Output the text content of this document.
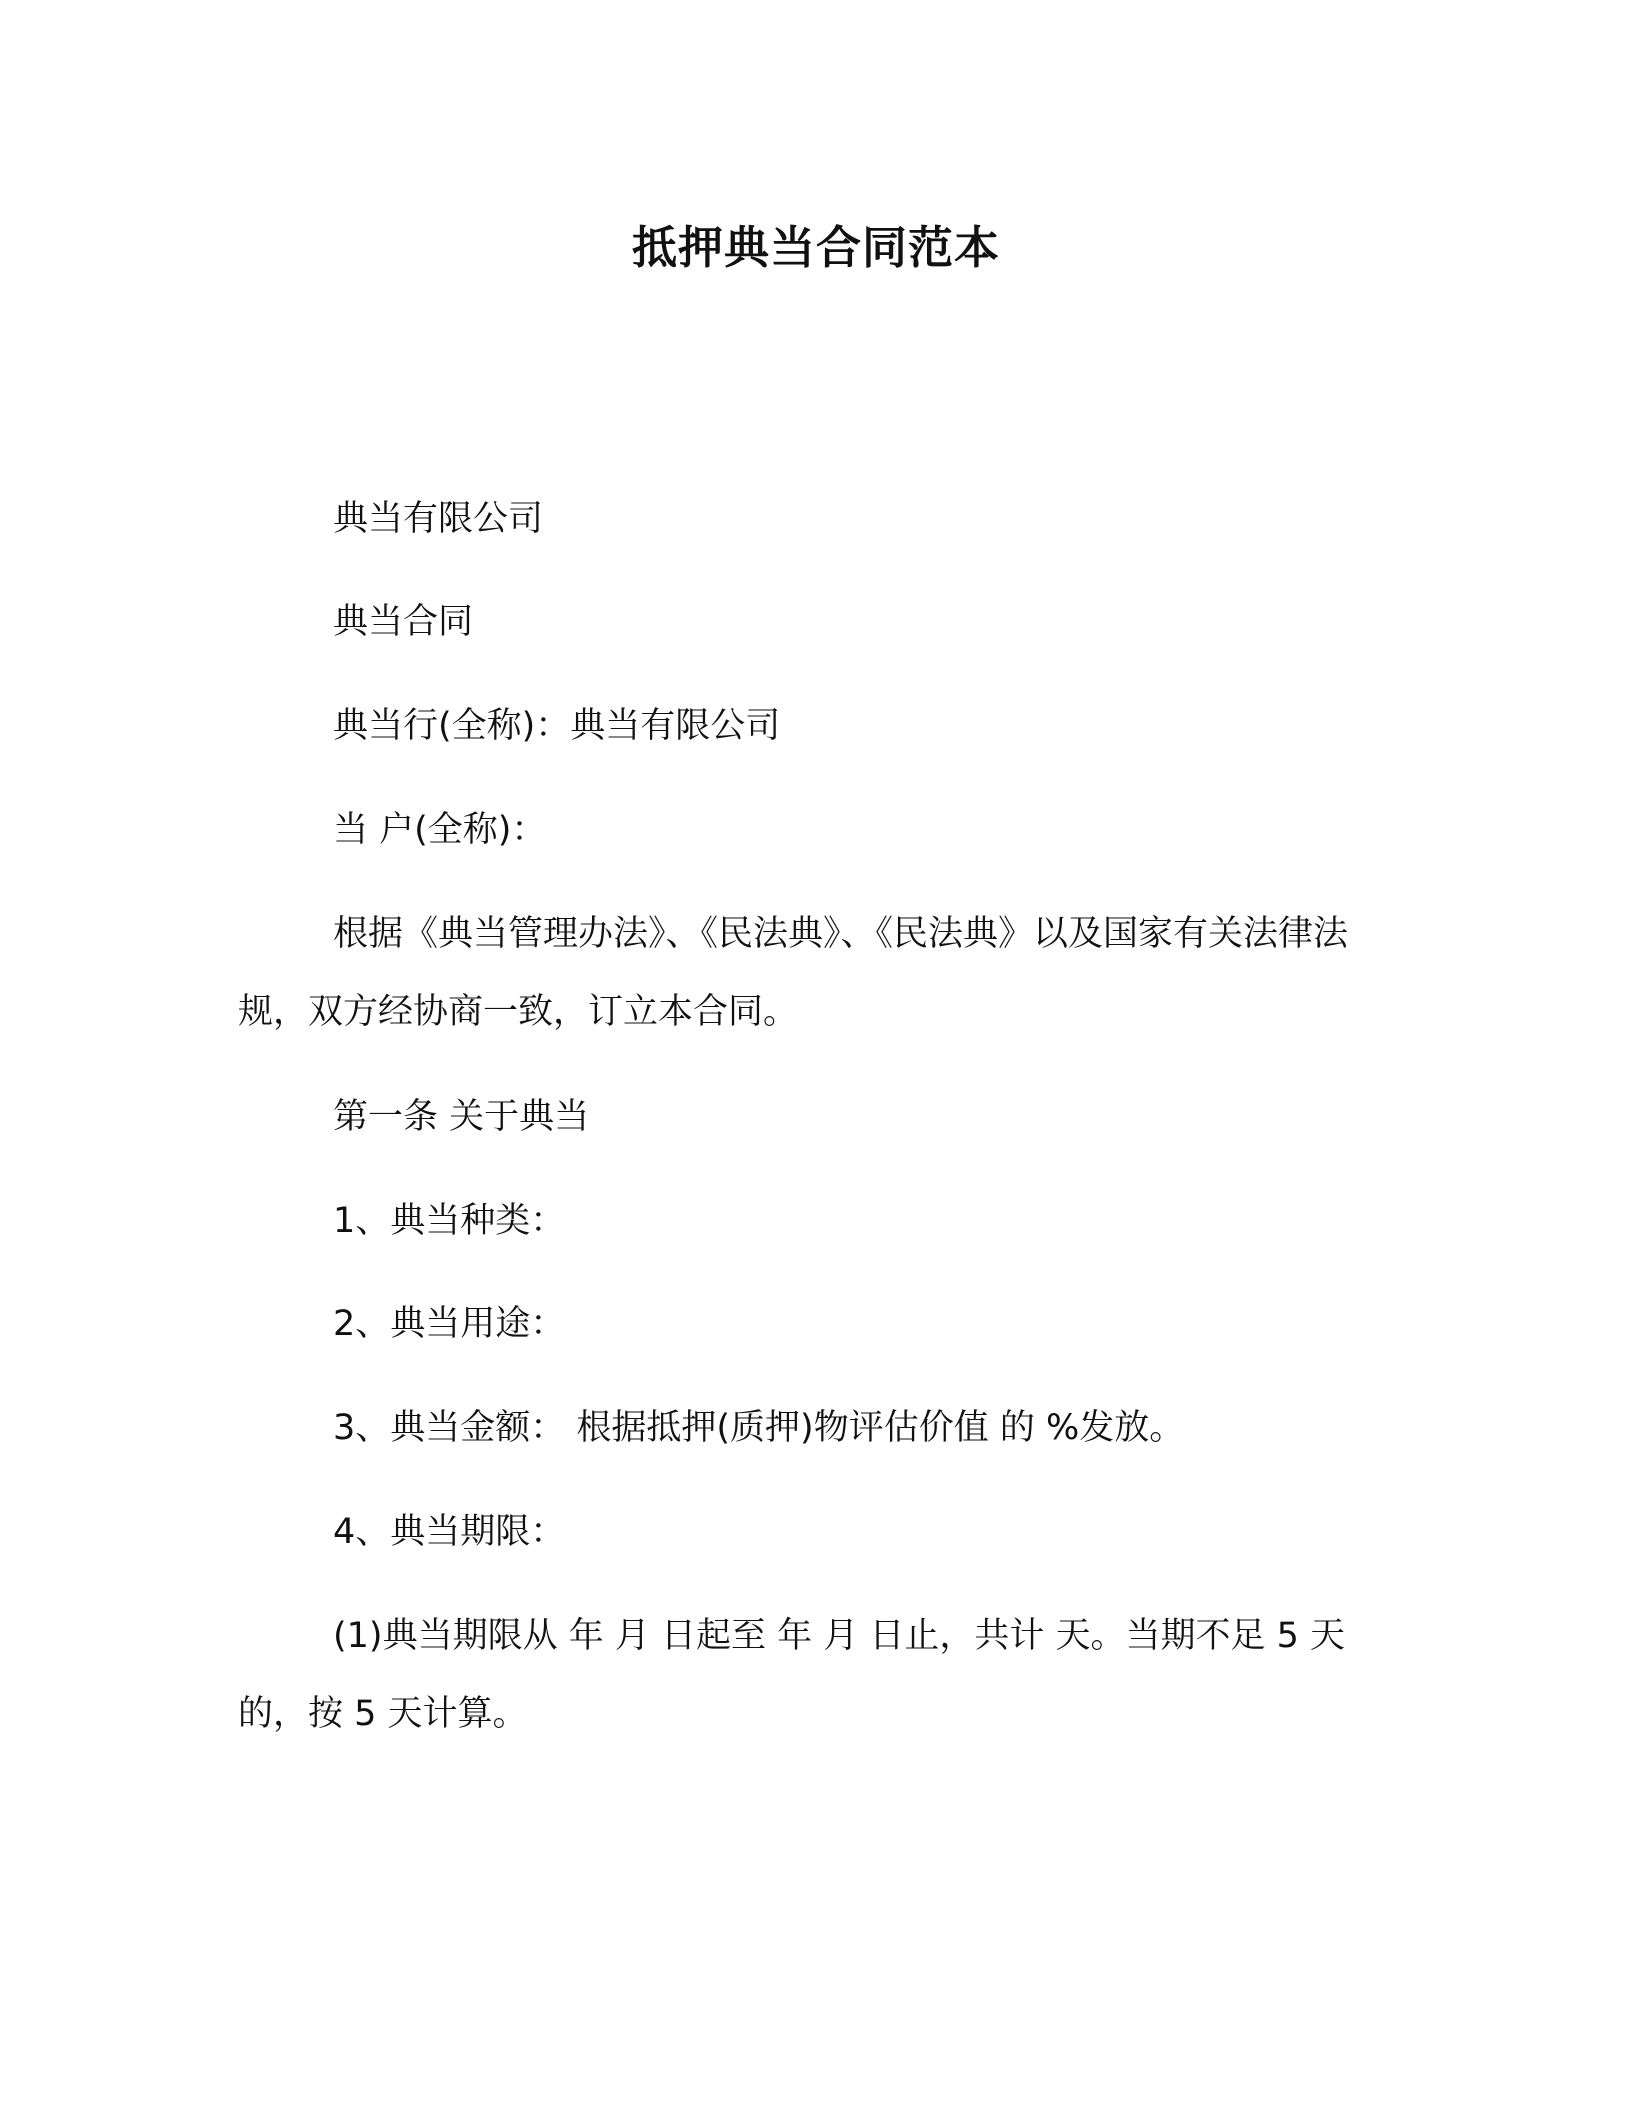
抵押典当合同范本
典当有限公司
典当合同
典当行(全称)：典当有限公司
当 户(全称)：
根据《典当管理办法》、《民法典》、《民法典》以及国家有关法律法规，双方经协商一致，订立本合同。
第一条 关于典当
1、典当种类：
2、典当用途：
3、典当金额： 根据抵押(质押)物评估价值 的 %发放。
4、典当期限：
(1)典当期限从 年 月 日起至 年 月 日止，共计 天。当期不足 5 天的，按 5 天计算。
